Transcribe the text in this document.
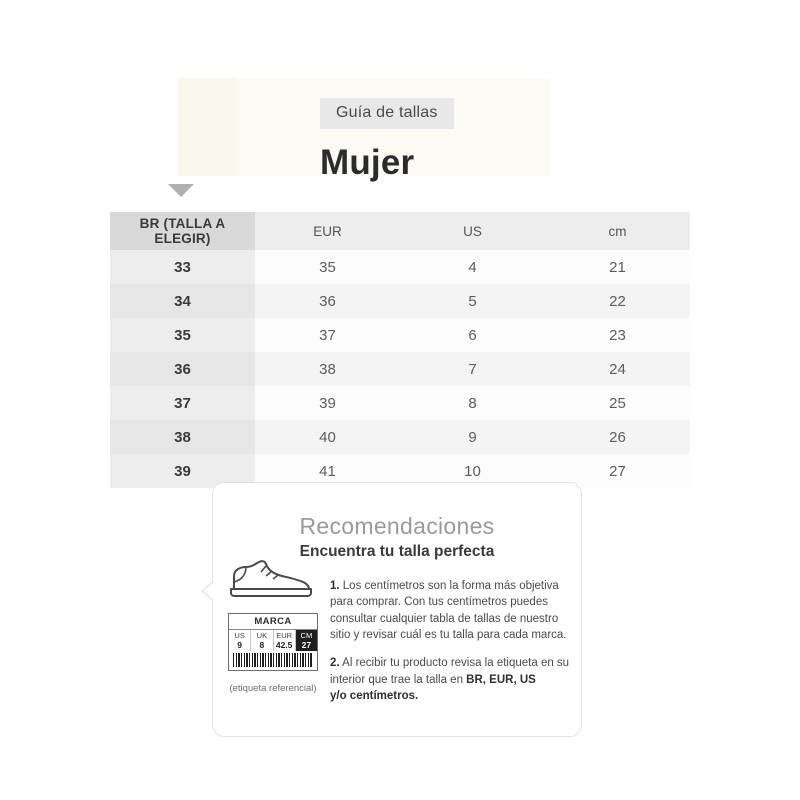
Guía de tallas
Mujer
BR (TALLA A ELEGIR)	EUR	US	cm
33	35	4	21
34	36	5	22
35	37	6	23
36	38	7	24
37	39	8	25
38	40	9	26
39	41	10	27
Recomendaciones
Encuentra tu talla perfecta
MARCA
US
9
UK
8
EUR
42.5
CM
27
(etiqueta referencial)

1. Los centímetros son la forma más objetiva para comprar. Con tus centímetros puedes consultar cualquier tabla de tallas de nuestro sitio y revisar cuál es tu talla para cada marca.

2. Al recibir tu producto revisa la etiqueta en su interior que trae la talla en BR, EUR, US
y/o centímetros.
